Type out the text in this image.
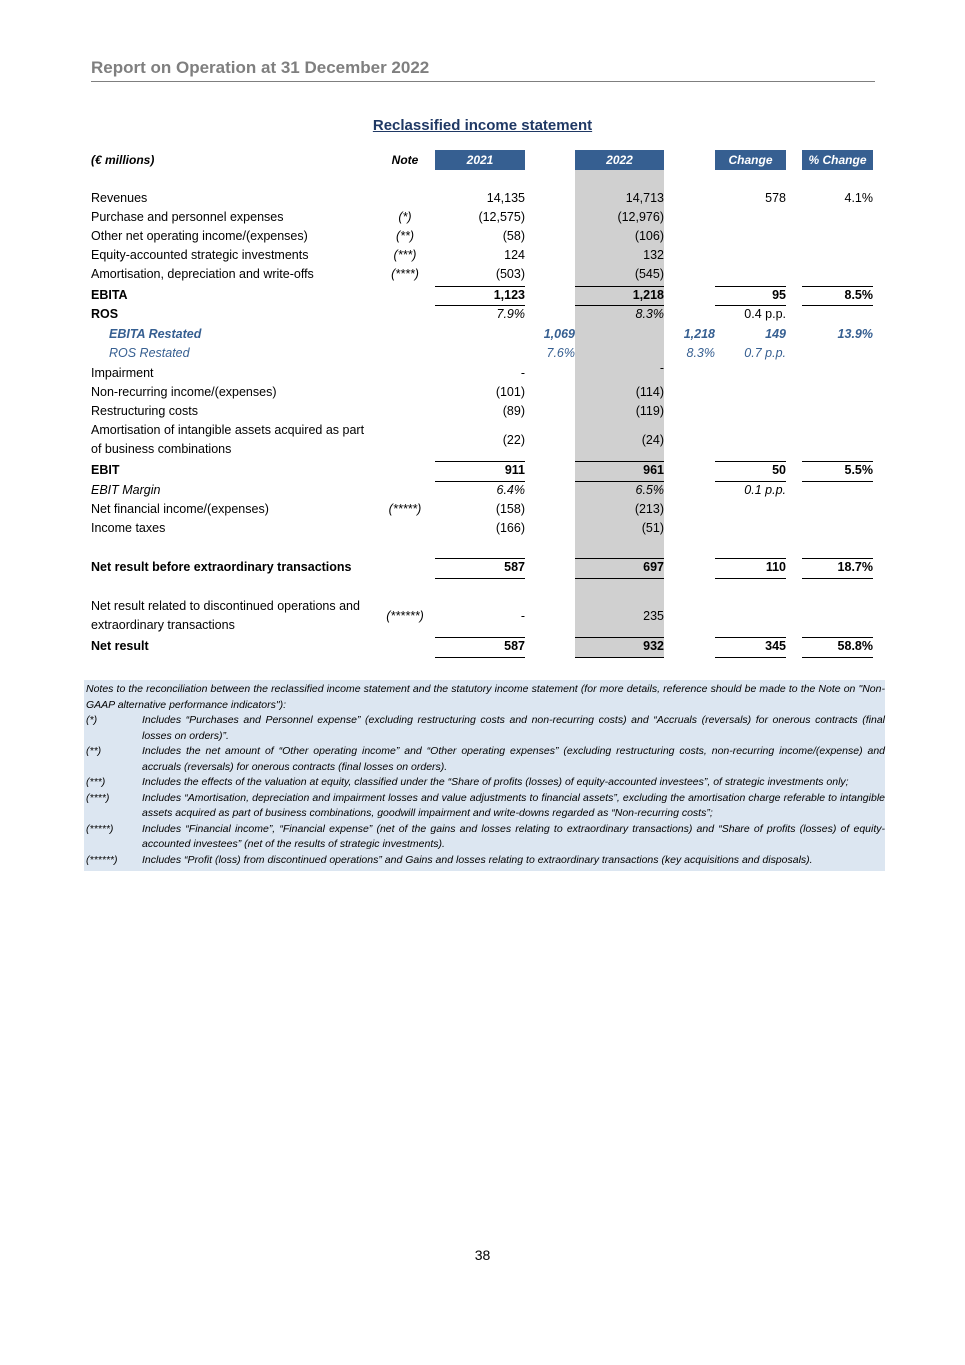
Report on Operation at 31 December 2022
Reclassified income statement
(€ millions)	Note	2021	2022	Change	% Change
Revenues	14,135	14,713	578	4.1%
Purchase and personnel expenses	(*)	(12,575)	(12,976)
Other net operating income/(expenses)	(**)	(58)	(106)
Equity-accounted strategic investments	(***)	124	132
Amortisation, depreciation and write-offs	(****)	(503)	(545)
EBITA	1,123	1,218	95	8.5%
ROS	7.9%	8.3%	0.4 p.p.
EBITA Restated	1,069	1,218	149	13.9%
ROS Restated	7.6%	8.3%	0.7 p.p.
Impairment	-	-
Non-recurring income/(expenses)	(101)	(114)
Restructuring costs	(89)	(119)
Amortisation of intangible assets acquired as part of business combinations
(22)	(24)
EBIT	911	961	50	5.5%
EBIT Margin	6.4%	6.5%	0.1 p.p.
Net financial income/(expenses)	(*****)	(158)	(213)
Income taxes	(166)	(51)
Net result before extraordinary transactions	587	697	110	18.7%
Net result related to discontinued operations and extraordinary transactions
(******)	-	235
Net result	587	932	345	58.8%
Notes to the reconciliation between the reclassified income statement and the statutory income statement (for more details, reference should be made to the Note on "Non-GAAP alternative performance indicators"):
(*)	Includes “Purchases and Personnel expense” (excluding restructuring costs and non-recurring costs) and “Accruals (reversals) for onerous contracts (final losses on orders)”.
(**)	Includes the net amount of “Other operating income” and “Other operating expenses” (excluding restructuring costs, non-recurring income/(expense) and accruals (reversals) for onerous contracts (final losses on orders).
(***)	Includes the effects of the valuation at equity, classified under the “Share of profits (losses) of equity-accounted investees”, of strategic investments only;
(****)	Includes “Amortisation, depreciation and impairment losses and value adjustments to financial assets”, excluding the amortisation charge referable to intangible assets acquired as part of business combinations, goodwill impairment and write-downs regarded as “Non-recurring costs”;
(*****)	Includes “Financial income”, “Financial expense” (net of the gains and losses relating to extraordinary transactions) and “Share of profits (losses) of equity-accounted investees” (net of the results of strategic investments).
(******)	Includes “Profit (loss) from discontinued operations” and Gains and losses relating to extraordinary transactions (key acquisitions and disposals).
38
